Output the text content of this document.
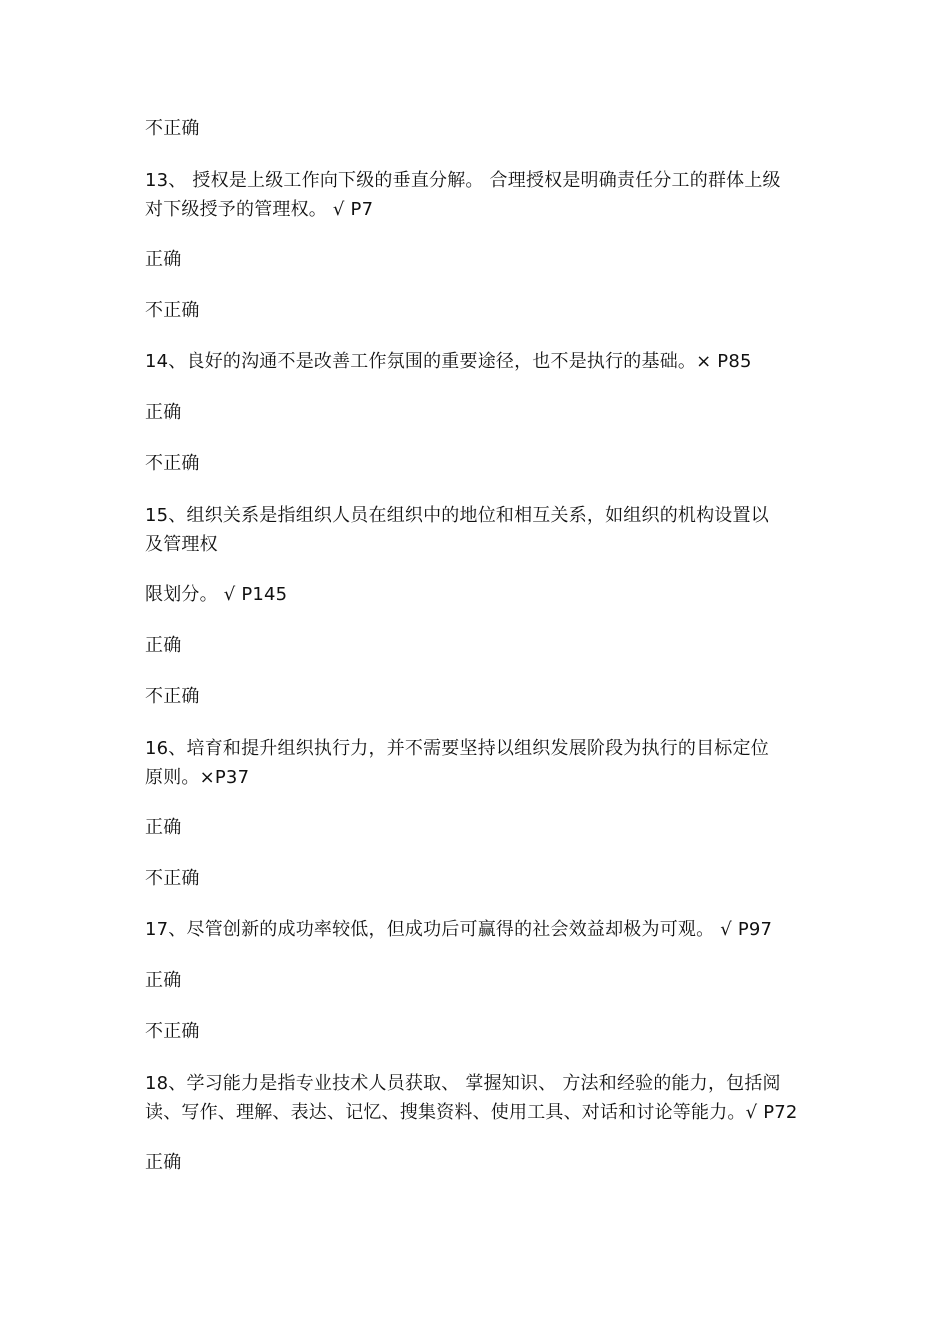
不正确
13、 授权是上级工作向下级的垂直分解。 合理授权是明确责任分工的群体上级
对下级授予的管理权。 √ P7
正确
不正确
14、良好的沟通不是改善工作氛围的重要途径，也不是执行的基础。× P85
正确
不正确
15、组织关系是指组织人员在组织中的地位和相互关系，如组织的机构设置以
及管理权
限划分。 √ P145
正确
不正确
16、培育和提升组织执行力，并不需要坚持以组织发展阶段为执行的目标定位
原则。×P37
正确
不正确
17、尽管创新的成功率较低，但成功后可赢得的社会效益却极为可观。 √ P97
正确
不正确
18、学习能力是指专业技术人员获取、 掌握知识、 方法和经验的能力，包括阅
读、写作、理解、表达、记忆、搜集资料、使用工具、对话和讨论等能力。√ P72
正确
